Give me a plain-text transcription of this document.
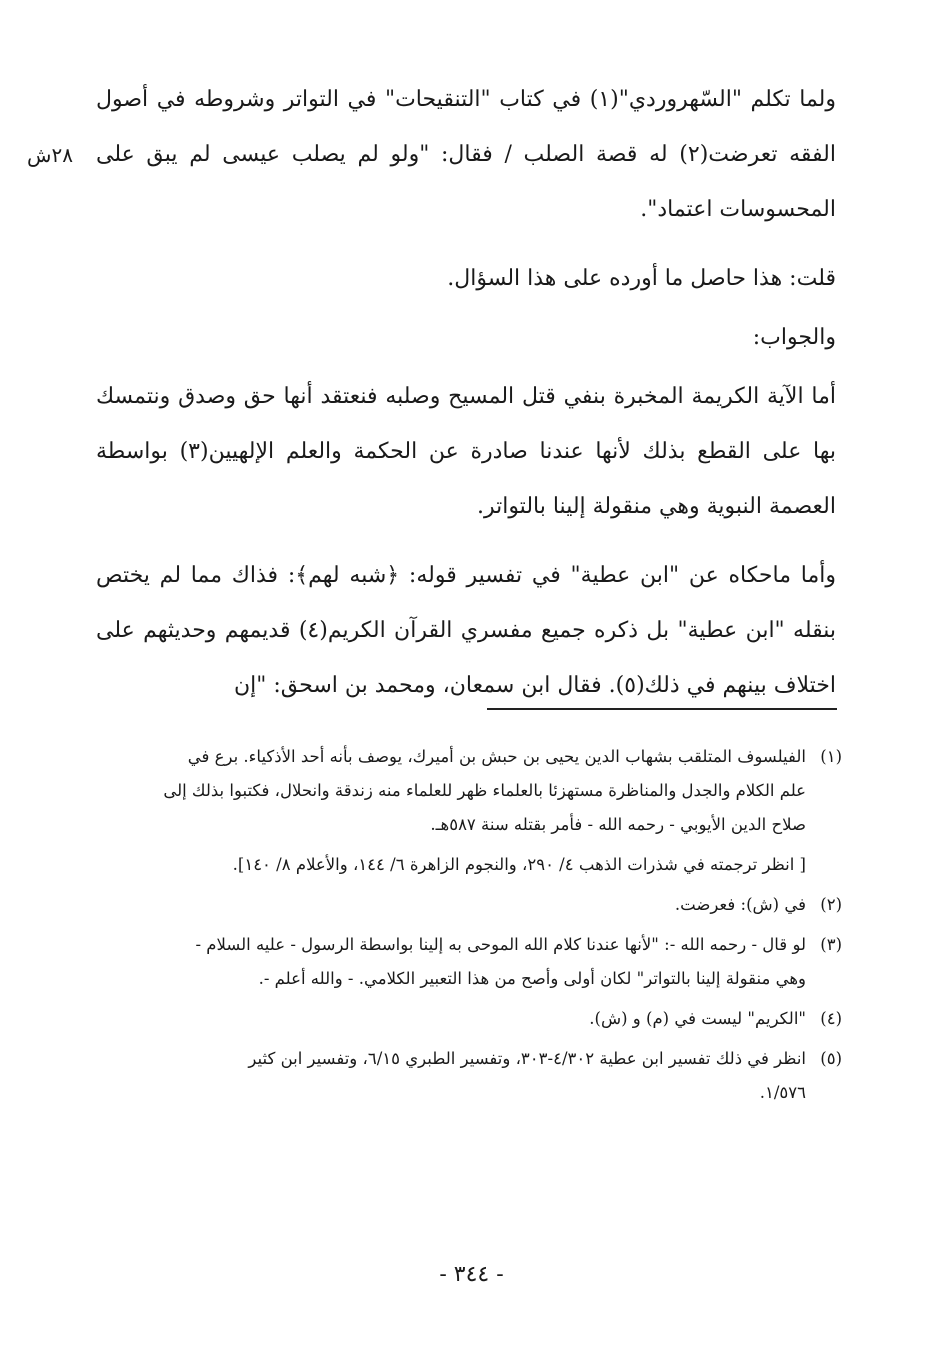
٢٨ش

ولما تكلم "السّهروردي"(١) في كتاب "التنقيحات" في التواتر وشروطه في أصول الفقه تعرضت(٢) له قصة الصلب / فقال: "ولو لم يصلب عيسى لم يبق على المحسوسات اعتماد".

قلت: هذا حاصل ما أورده على هذا السؤال.

والجواب:

أما الآية الكريمة المخبرة بنفي قتل المسيح وصلبه فنعتقد أنها حق وصدق ونتمسك بها على القطع بذلك لأنها عندنا صادرة عن الحكمة والعلم الإلهيين(٣) بواسطة العصمة النبوية وهي منقولة إلينا بالتواتر.

وأما ماحكاه عن "ابن عطية" في تفسير قوله: ﴿شبه لهم﴾: فذاك مما لم يختص بنقله "ابن عطية" بل ذكره جميع مفسري القرآن الكريم(٤) قديمهم وحديثهم على اختلاف بينهم في ذلك(٥). فقال ابن سمعان، ومحمد بن اسحق: "إن

(١)
الفيلسوف المتلقب بشهاب الدين يحيى بن حبش بن أميرك، يوصف بأنه أحد الأذكياء. برع في
علم الكلام والجدل والمناظرة مستهزئا بالعلماء ظهر للعلماء منه زندقة وانحلال، فكتبوا بذلك إلى
صلاح الدين الأيوبي - رحمه الله - فأمر بقتله سنة ٥٨٧هـ.
[ انظر ترجمته في شذرات الذهب ٤/ ٢٩٠، والنجوم الزاهرة ٦/ ١٤٤، والأعلام ٨/ ١٤٠].
(٢)
في (ش): فعرضت.
(٣)
لو قال - رحمه الله -: "لأنها عندنا كلام الله الموحى به إلينا بواسطة الرسول - عليه السلام -
وهي منقولة إلينا بالتواتر" لكان أولى وأصح من هذا التعبير الكلامي. - والله أعلم -.
(٤)
"الكريم" ليست في (م) و (ش).
(٥)
انظر في ذلك تفسير ابن عطية ٤/٣٠٢-٣٠٣، وتفسير الطبري ٦/١٥، وتفسير ابن كثير
١/٥٧٦.
- ٣٤٤ -
